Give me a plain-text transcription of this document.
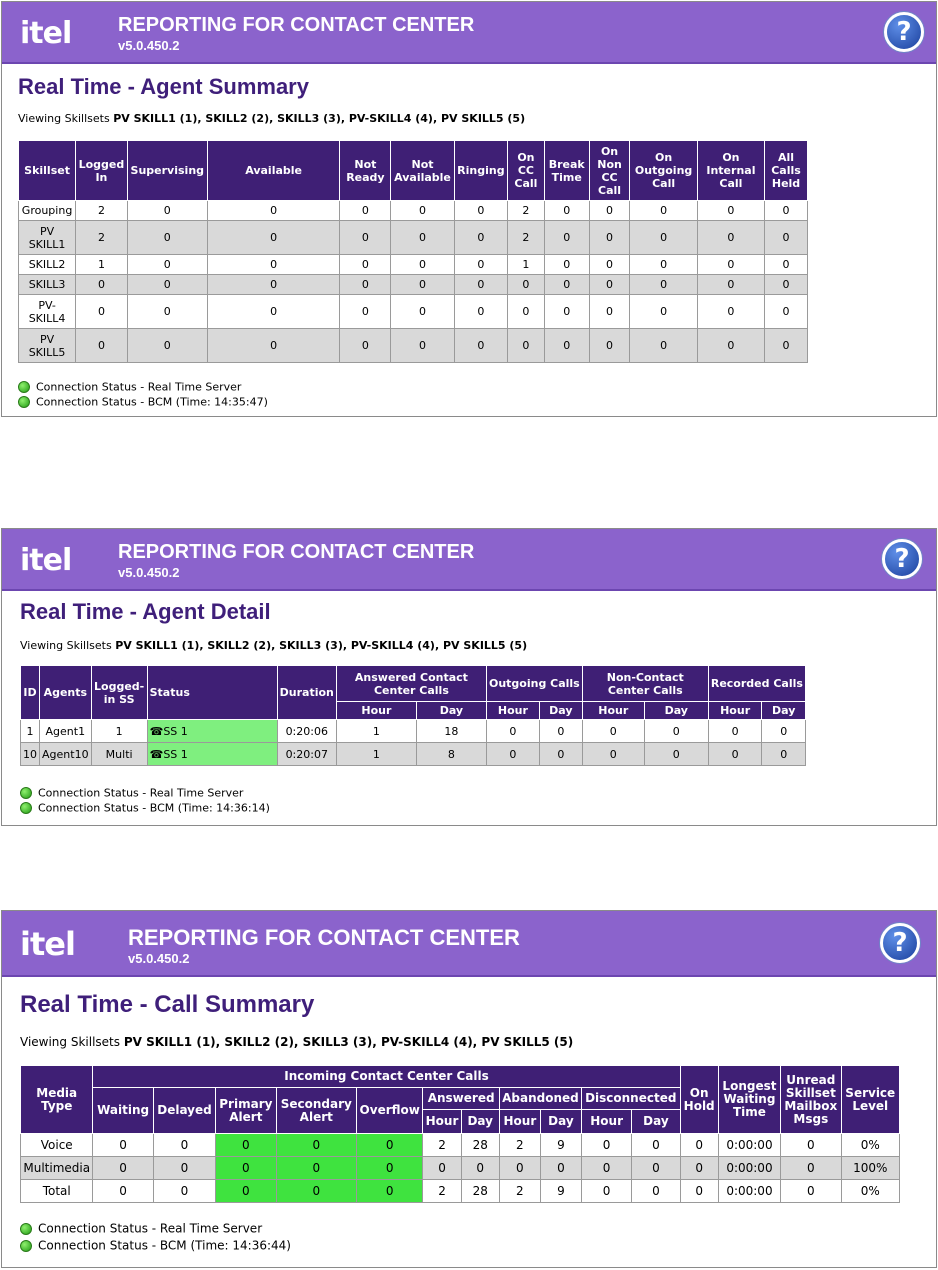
itel REPORTING FOR CONTACT CENTER
v5.0.450.2	?
Real Time - Agent Summary
Viewing Skillsets PV SKILL1 (1), SKILL2 (2), SKILL3 (3), PV-SKILL4 (4), PV SKILL5 (5)
Skillset	Logged In	Supervising	Available	Not Ready	Not Available	Ringing	On CC Call	Break Time	On Non CC Call	On Outgoing Call	On Internal Call	All Calls Held
Grouping	2	0	0	0	0	0	2	0	0	0	0	0
PV SKILL1	2	0	0	0	0	0	2	0	0	0	0	0
SKILL2	1	0	0	0	0	0	1	0	0	0	0	0
SKILL3	0	0	0	0	0	0	0	0	0	0	0	0
PV-SKILL4	0	0	0	0	0	0	0	0	0	0	0	0
PV SKILL5	0	0	0	0	0	0	0	0	0	0	0	0
Connection Status - Real Time Server
Connection Status - BCM (Time: 14:35:47)
itel REPORTING FOR CONTACT CENTER
v5.0.450.2	?
Real Time - Agent Detail
Viewing Skillsets PV SKILL1 (1), SKILL2 (2), SKILL3 (3), PV-SKILL4 (4), PV SKILL5 (5)
ID	Agents	Logged-in SS	Status	Duration	Answered Contact Center Calls		Outgoing Calls		Non-Contact Center Calls		Recorded Calls	
					Hour	Day	Hour	Day	Hour	Day	Hour	Day
1	Agent1	1	☎SS 1	0:20:06	1	18	0	0	0	0	0	0
10	Agent10	Multi	☎SS 1	0:20:07	1	8	0	0	0	0	0	0
Connection Status - Real Time Server
Connection Status - BCM (Time: 14:36:14)
itel REPORTING FOR CONTACT CENTER
v5.0.450.2
?
Real Time - Call Summary
Viewing Skillsets PV SKILL1 (1), SKILL2 (2), SKILL3 (3), PV-SKILL4 (4), PV SKILL5 (5)
Media Type	Incoming Contact Center Calls											On Hold	Longest Waiting Time	Unread Skillset Mailbox Msgs	Service Level
	Waiting	Delayed	Primary Alert	Secondary Alert	Overflow	Answered		Abandoned		Disconnected					
						Hour	Day	Hour	Day	Hour	Day				
Voice	0	0	0	0	0	2	28	2	9	0	0	0	0:00:00	0	0%
Multimedia	0	0	0	0	0	0	0	0	0	0	0	0	0:00:00	0	100%
Total	0	0	0	0	0	2	28	2	9	0	0	0	0:00:00	0	0%
Connection Status - Real Time Server
Connection Status - BCM (Time: 14:36:44)
